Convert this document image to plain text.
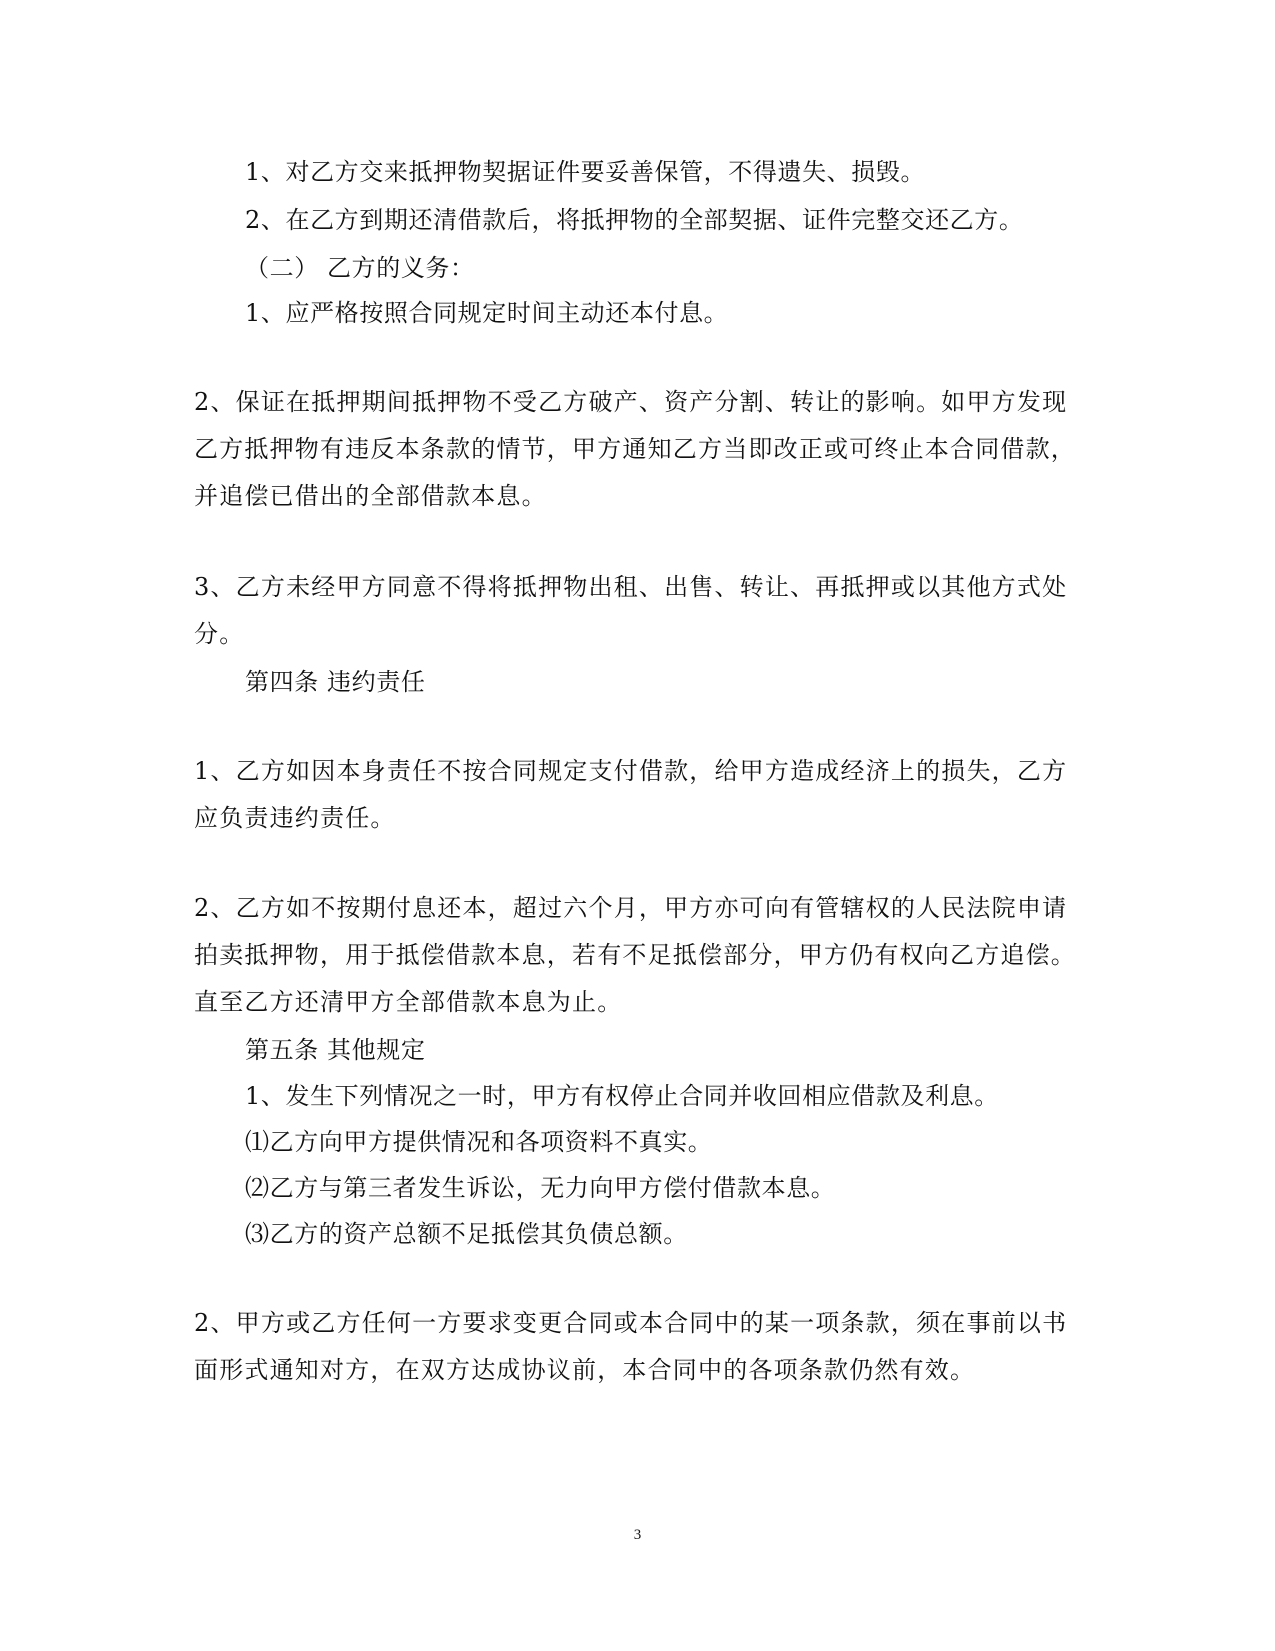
1、对乙方交来抵押物契据证件要妥善保管，不得遗失、损毁。
2、在乙方到期还清借款后，将抵押物的全部契据、证件完整交还乙方。
（二） 乙方的义务：
1、应严格按照合同规定时间主动还本付息。
2、保证在抵押期间抵押物不受乙方破产、资产分割、转让的影响。如甲方发现
乙方抵押物有违反本条款的情节，甲方通知乙方当即改正或可终止本合同借款，
并追偿已借出的全部借款本息。
3、乙方未经甲方同意不得将抵押物出租、出售、转让、再抵押或以其他方式处
分。
第四条 违约责任
1、乙方如因本身责任不按合同规定支付借款，给甲方造成经济上的损失，乙方
应负责违约责任。
2、乙方如不按期付息还本，超过六个月，甲方亦可向有管辖权的人民法院申请
拍卖抵押物，用于抵偿借款本息，若有不足抵偿部分，甲方仍有权向乙方追偿。
直至乙方还清甲方全部借款本息为止。
第五条 其他规定
1、发生下列情况之一时，甲方有权停止合同并收回相应借款及利息。
⑴乙方向甲方提供情况和各项资料不真实。
⑵乙方与第三者发生诉讼，无力向甲方偿付借款本息。
⑶乙方的资产总额不足抵偿其负债总额。
2、甲方或乙方任何一方要求变更合同或本合同中的某一项条款，须在事前以书
面形式通知对方，在双方达成协议前，本合同中的各项条款仍然有效。
3
